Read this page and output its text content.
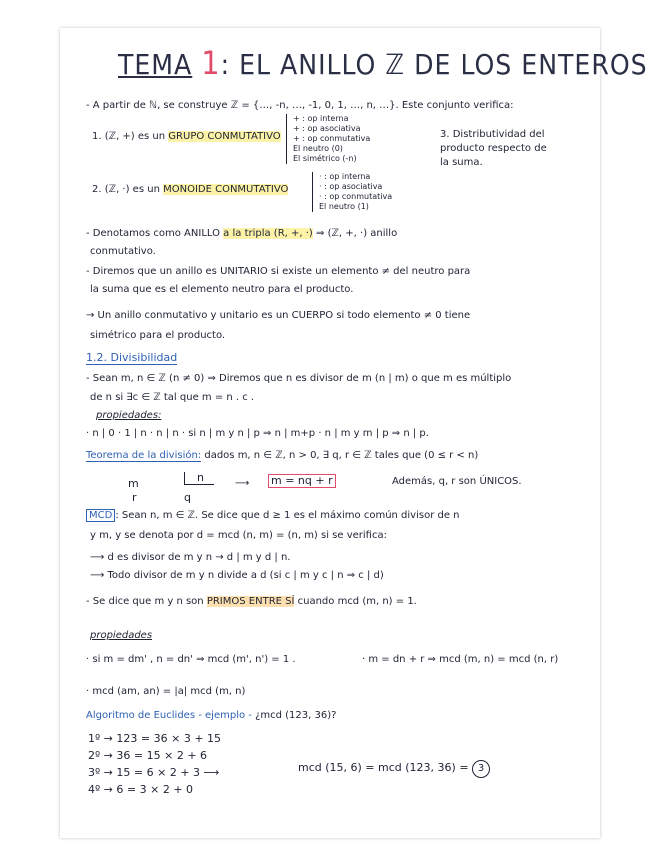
TEMA 1: EL ANILLO ℤ DE LOS ENTEROS
- A partir de ℕ, se construye ℤ = {…, -n, …, -1, 0, 1, …, n, …}. Este conjunto verifica:
1. (ℤ, +) es un GRUPO CONMUTATIVO
+ : op interna
+ : op asociativa
+ : op conmutativa
El neutro (0)
El simétrico (-n)
3. Distributividad del
producto respecto de
la suma.
2. (ℤ, ·) es un MONOIDE CONMUTATIVO
· : op interna
· : op asociativa
· : op conmutativa
El neutro (1)
- Denotamos como ANILLO a la tripla (R, +, ·) ⇒ (ℤ, +, ·) anillo
conmutativo.
- Diremos que un anillo es UNITARIO si existe un elemento ≠ del neutro para
la suma que es el elemento neutro para el producto.
→ Un anillo conmutativo y unitario es un CUERPO si todo elemento ≠ 0 tiene
simétrico para el producto.
1.2. Divisibilidad
- Sean m, n ∈ ℤ (n ≠ 0) ⇒ Diremos que n es divisor de m (n | m) o que m es múltiplo
de n si ∃c ∈ ℤ tal que m = n . c .
propiedades:
· n | 0 · 1 | n · n | n · si n | m y n | p ⇒ n | m+p · n | m y m | p ⇒ n | p.
Teorema de la división: dados m, n ∈ ℤ, n > 0, ∃ q, r ∈ ℤ tales que (0 ≤ r < n)
m	n
r	q
⟶ m = nq + r	Además, q, r son ÚNICOS.
MCD : Sean n, m ∈ ℤ. Se dice que d ≥ 1 es el máximo común divisor de n
y m, y se denota por d = mcd (n, m) = (n, m) si se verifica:
⟶ d es divisor de m y n → d | m y d | n.
⟶ Todo divisor de m y n divide a d (si c | m y c | n ⇒ c | d)
- Se dice que m y n son PRIMOS ENTRE SÍ cuando mcd (m, n) = 1.
propiedades
· si m = dm' , n = dn' ⇒ mcd (m', n') = 1 .	· m = dn + r ⇒ mcd (m, n) = mcd (n, r)
· mcd (am, an) = |a| mcd (m, n)
Algoritmo de Euclides - ejemplo - ¿mcd (123, 36)?
1º → 123 = 36 × 3 + 15
2º → 36 = 15 × 2 + 6
3º → 15 = 6 × 2 + 3 ⟶
4º → 6 = 3 × 2 + 0
mcd (15, 6) = mcd (123, 36) = 3
